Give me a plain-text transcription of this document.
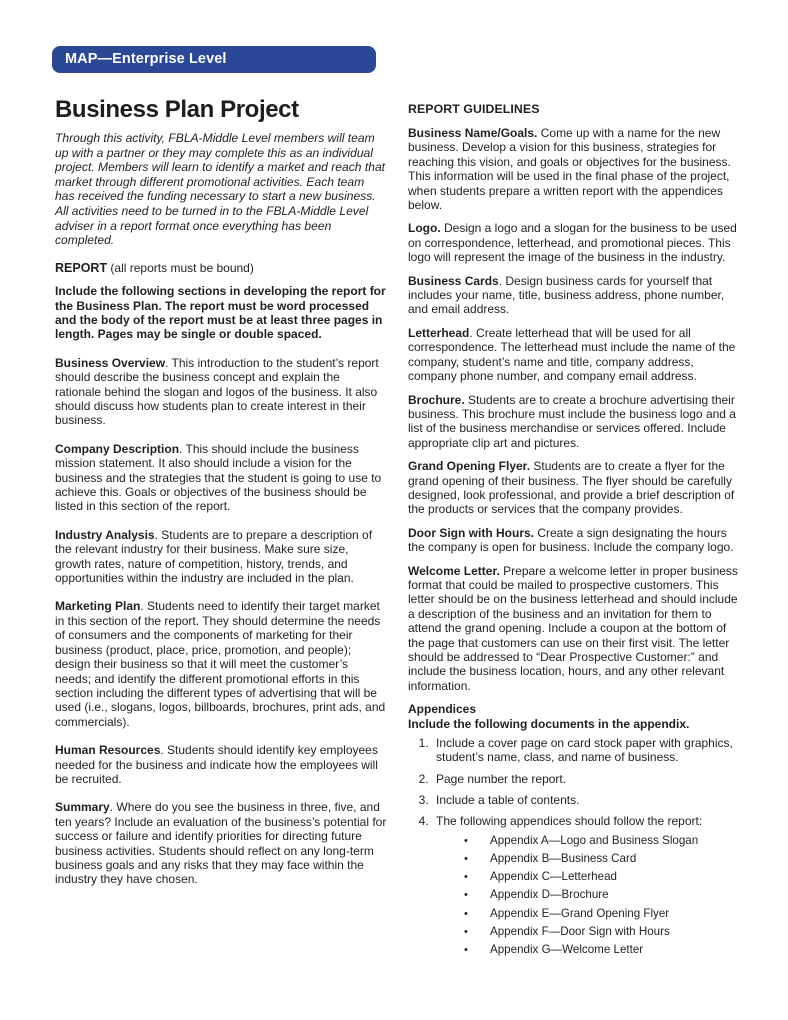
MAP—Enterprise Level
Business Plan Project

Through this activity, FBLA-Middle Level members will team up with a partner or they may complete this as an individual project. Members will learn to identify a market and reach that market through different promotional activities. Each team has received the funding necessary to start a new business. All activities need to be turned in to the FBLA-Middle Level adviser in a report format once everything has been completed.

REPORT (all reports must be bound)

Include the following sections in developing the report for the Business Plan. The report must be word processed and the body of the report must be at least three pages in length. Pages may be single or double spaced.

Business Overview. This introduction to the student’s report should describe the business concept and explain the rationale behind the slogan and logos of the business. It also should discuss how students plan to create interest in their business.

Company Description. This should include the business mission statement. It also should include a vision for the business and the strategies that the student is going to use to achieve this. Goals or objectives of the business should be listed in this section of the report.

Industry Analysis. Students are to prepare a description of the relevant industry for their business. Make sure size, growth rates, nature of competition, history, trends, and opportunities within the industry are included in the plan.

Marketing Plan. Students need to identify their target market in this section of the report. They should determine the needs of consumers and the components of marketing for their business (product, place, price, promotion, and people); design their business so that it will meet the customer’s needs; and identify the different promotional efforts in this section including the different types of advertising that will be used (i.e., slogans, logos, billboards, brochures, print ads, and commercials).

Human Resources. Students should identify key employees needed for the business and indicate how the employees will be recruited.

Summary. Where do you see the business in three, five, and ten years? Include an evaluation of the business’s potential for success or failure and identify priorities for directing future business activities. Students should reflect on any long-term business goals and any risks that they may face within the industry they have chosen.

REPORT GUIDELINES

Business Name/Goals. Come up with a name for the new business. Develop a vision for this business, strategies for reaching this vision, and goals or objectives for the business. This information will be used in the final phase of the project, when students prepare a written report with the appendices below.

Logo. Design a logo and a slogan for the business to be used on correspondence, letterhead, and promotional pieces. This logo will represent the image of the business in the industry.

Business Cards. Design business cards for yourself that includes your name, title, business address, phone number, and email address.

Letterhead. Create letterhead that will be used for all correspondence. The letterhead must include the name of the company, student’s name and title, company address, company phone number, and company email address.

Brochure. Students are to create a brochure advertising their business. This brochure must include the business logo and a list of the business merchandise or services offered. Include appropriate clip art and pictures.

Grand Opening Flyer. Students are to create a flyer for the grand opening of their business. The flyer should be carefully designed, look professional, and provide a brief description of the products or services that the company provides.

Door Sign with Hours. Create a sign designating the hours the company is open for business. Include the company logo.

Welcome Letter. Prepare a welcome letter in proper business format that could be mailed to prospective customers. This letter should be on the business letterhead and should include a description of the business and an invitation for them to attend the grand opening. Include a coupon at the bottom of the page that customers can use on their first visit. The letter should be addressed to “Dear Prospective Customer:” and include the business location, hours, and any other relevant information.

Appendices
Include the following documents in the appendix.
1. Include a cover page on card stock paper with graphics, student’s name, class, and name of business.
2. Page number the report.
3. Include a table of contents.
4. The following appendices should follow the report:
• Appendix A—Logo and Business Slogan
• Appendix B—Business Card
• Appendix C—Letterhead
• Appendix D—Brochure
• Appendix E—Grand Opening Flyer
• Appendix F—Door Sign with Hours
• Appendix G—Welcome Letter
